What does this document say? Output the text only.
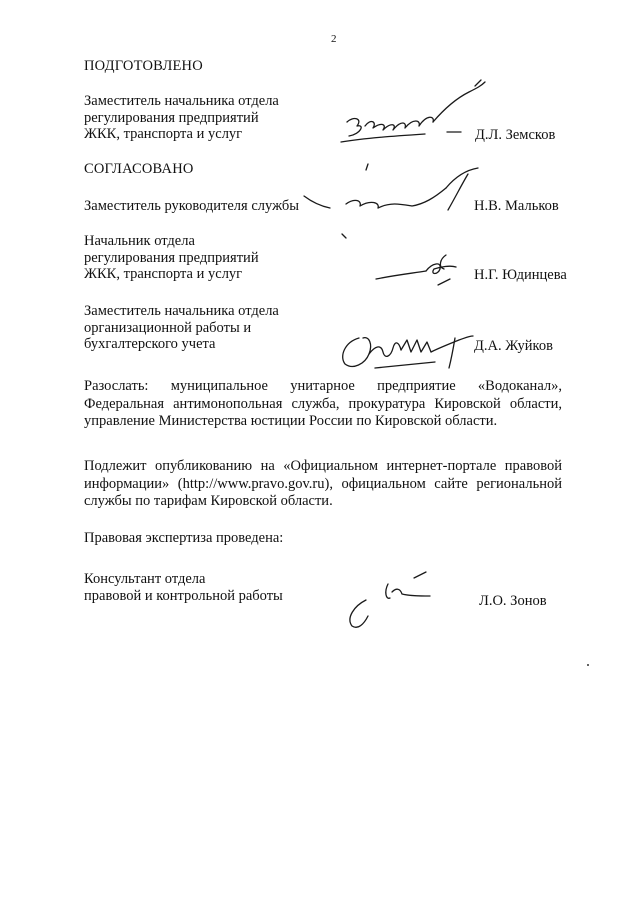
2
ПОДГОТОВЛЕНО
Заместитель начальника отдела
регулирования предприятий
ЖКК, транспорта и услуг	Д.Л. Земсков
СОГЛАСОВАНО
Заместитель руководителя службы	Н.В. Мальков
Начальник отдела
регулирования предприятий
ЖКК, транспорта и услуг	Н.Г. Юдинцева
Заместитель начальника отдела
организационной работы и
бухгалтерского учета	Д.А. Жуйков
Разослать: муниципальное унитарное предприятие «Водоканал», Федеральная антимонопольная служба, прокуратура Кировской области, управление Министерства юстиции России по Кировской области.
Подлежит опубликованию на «Официальном интернет-портале правовой информации» (http://www.pravo.gov.ru), официальном сайте региональной службы по тарифам Кировской области.
Правовая экспертиза проведена:
Консультант отдела
правовой и контрольной работы	Л.О. Зонов
